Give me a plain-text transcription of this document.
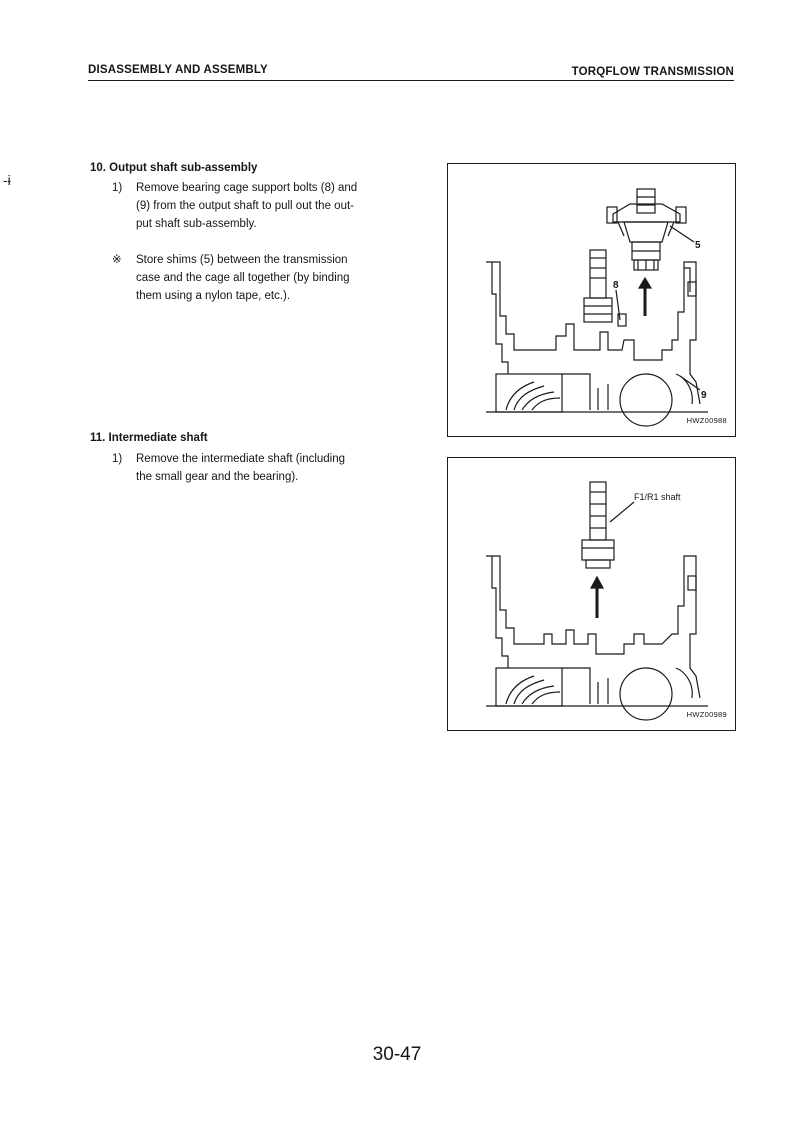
DISASSEMBLY AND ASSEMBLY	TORQFLOW TRANSMISSION
-ɨ
10. Output shaft sub-assembly
1) Remove bearing cage support bolts (8) and
(9) from the output shaft to pull out the out-
put shaft sub-assembly.
※ Store shims (5) between the transmission
case and the cage all together (by binding
them using a nylon tape, etc.).
11. Intermediate shaft
1) Remove the intermediate shaft (including
the small gear and the bearing).
5
8
9
HWZ00988
F1/R1 shaft
HWZ00989
30-47
